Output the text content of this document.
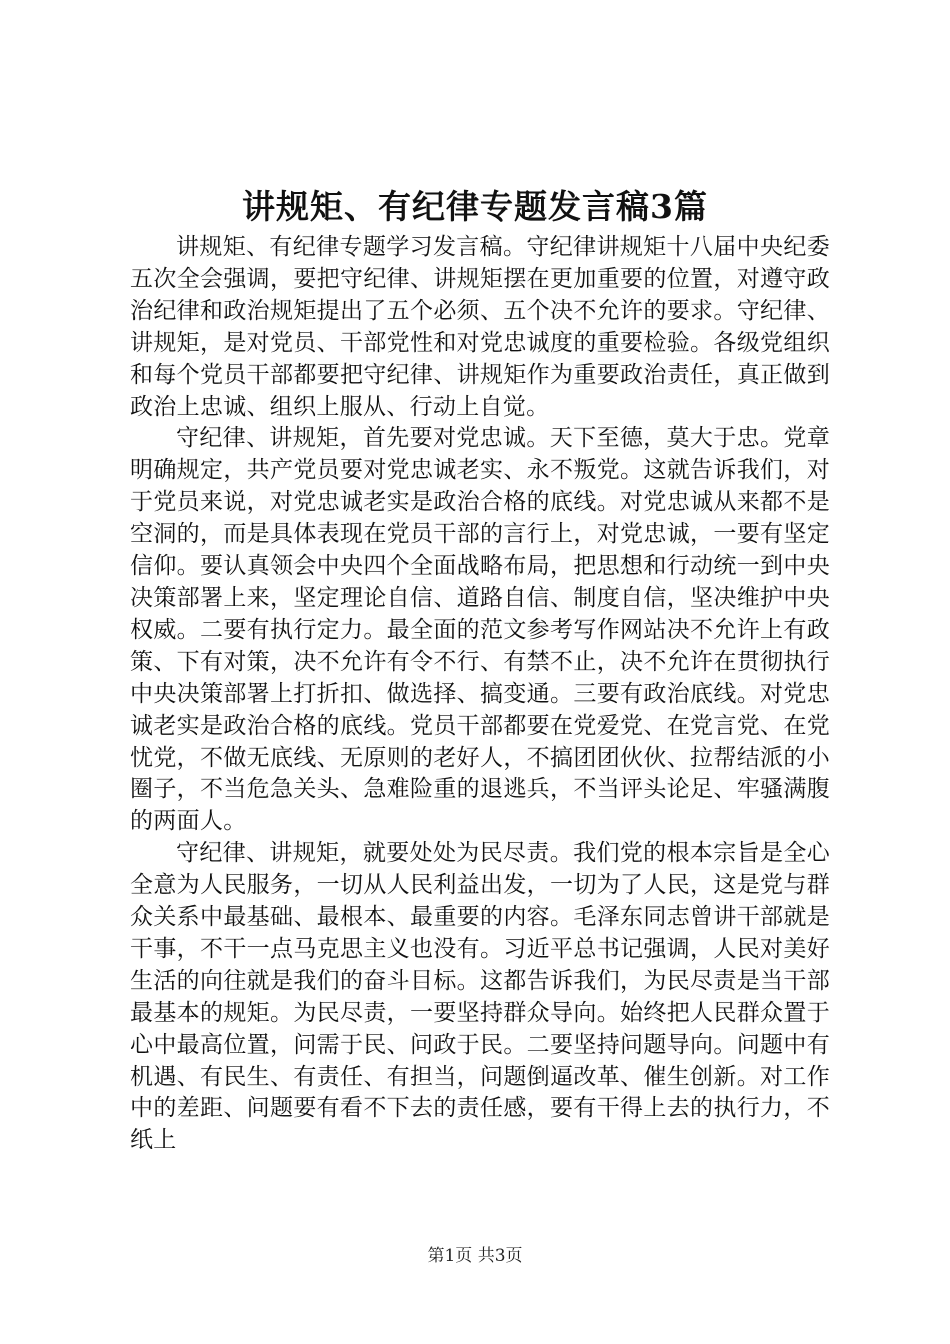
讲规矩、有纪律专题发言稿3篇

讲规矩、有纪律专题学习发言稿。守纪律讲规矩十八届中央纪委五次全会强调，要把守纪律、讲规矩摆在更加重要的位置，对遵守政治纪律和政治规矩提出了五个必须、五个决不允许的要求。守纪律、讲规矩，是对党员、干部党性和对党忠诚度的重要检验。各级党组织和每个党员干部都要把守纪律、讲规矩作为重要政治责任，真正做到政治上忠诚、组织上服从、行动上自觉。

守纪律、讲规矩，首先要对党忠诚。天下至德，莫大于忠。党章明确规定，共产党员要对党忠诚老实、永不叛党。这就告诉我们，对于党员来说，对党忠诚老实是政治合格的底线。对党忠诚从来都不是空洞的，而是具体表现在党员干部的言行上，对党忠诚，一要有坚定信仰。要认真领会中央四个全面战略布局，把思想和行动统一到中央决策部署上来，坚定理论自信、道路自信、制度自信，坚决维护中央权威。二要有执行定力。最全面的范文参考写作网站决不允许上有政策、下有对策，决不允许有令不行、有禁不止，决不允许在贯彻执行中央决策部署上打折扣、做选择、搞变通。三要有政治底线。对党忠诚老实是政治合格的底线。党员干部都要在党爱党、在党言党、在党忧党，不做无底线、无原则的老好人，不搞团团伙伙、拉帮结派的小圈子，不当危急关头、急难险重的退逃兵，不当评头论足、牢骚满腹的两面人。

守纪律、讲规矩，就要处处为民尽责。我们党的根本宗旨是全心全意为人民服务，一切从人民利益出发，一切为了人民，这是党与群众关系中最基础、最根本、最重要的内容。毛泽东同志曾讲干部就是干事，不干一点马克思主义也没有。习近平总书记强调，人民对美好生活的向往就是我们的奋斗目标。这都告诉我们，为民尽责是当干部最基本的规矩。为民尽责，一要坚持群众导向。始终把人民群众置于心中最高位置，问需于民、问政于民。二要坚持问题导向。问题中有机遇、有民生、有责任、有担当，问题倒逼改革、催生创新。对工作中的差距、问题要有看不下去的责任感，要有干得上去的执行力，不纸上

第1页 共3页
